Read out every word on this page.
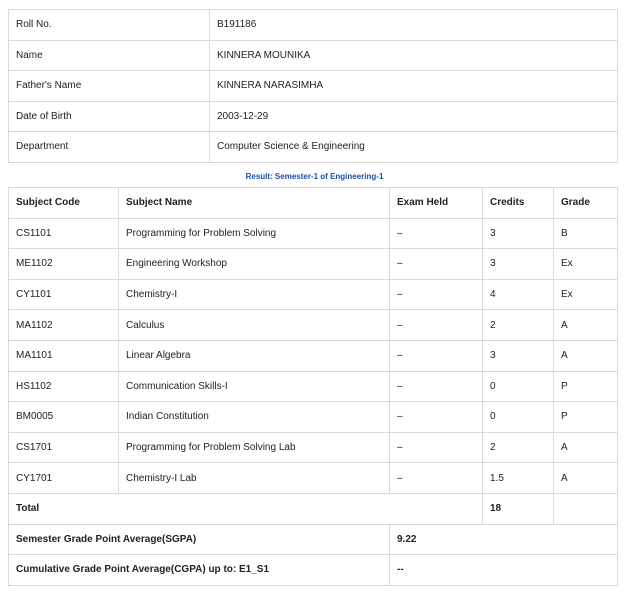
Roll No.	B191186
Name	KINNERA MOUNIKA
Father's Name	KINNERA NARASIMHA
Date of Birth	2003-12-29
Department	Computer Science & Engineering
Result: Semester-1 of Engineering-1
Subject Code	Subject Name	Exam Held	Credits	Grade
CS1101	Programming for Problem Solving	–	3	B
ME1102	Engineering Workshop	–	3	Ex
CY1101	Chemistry-I	–	4	Ex
MA1102	Calculus	–	2	A
MA1101	Linear Algebra	–	3	A
HS1102	Communication Skills-I	–	0	P
BM0005	Indian Constitution	–	0	P
CS1701	Programming for Problem Solving Lab	–	2	A
CY1701	Chemistry-I Lab	–	1.5	A
Total			18	
Semester Grade Point Average(SGPA)		9.22		
Cumulative Grade Point Average(CGPA) up to: E1_S1		--		
